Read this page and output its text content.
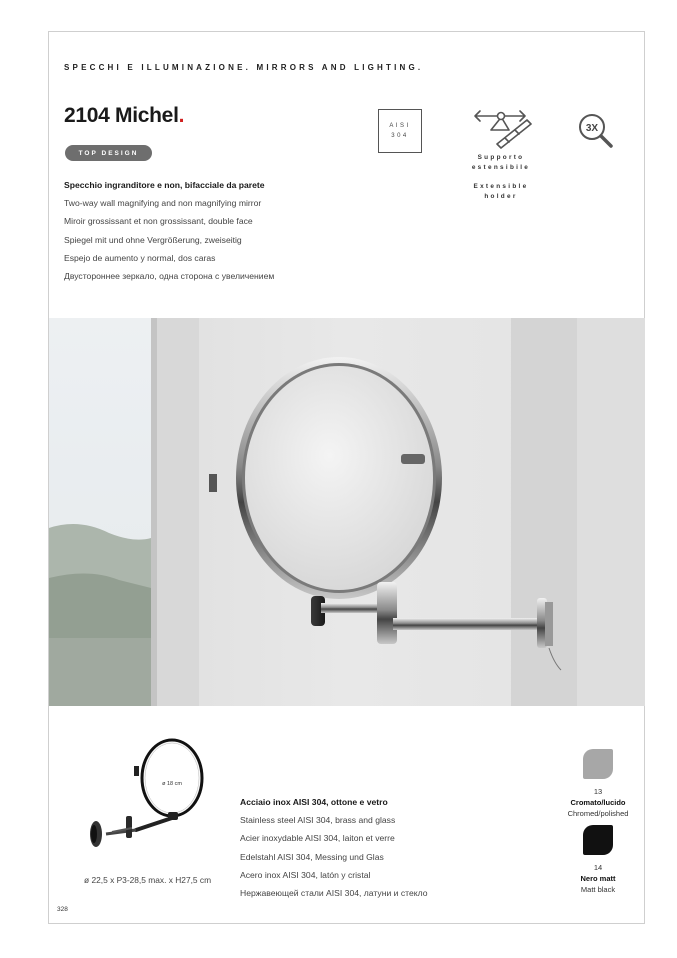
SPECCHI E ILLUMINAZIONE. MIRRORS AND LIGHTING.
2104 Michel.
TOP DESIGN
Specchio ingranditore e non, bifacciale da parete
Two-way wall magnifying and non magnifying mirror
Miroir grossissant et non grossissant, double face
Spiegel mit und ohne Vergrößerung, zweiseitig
Espejo de aumento y normal, dos caras
Двустороннее зеркало, одна сторона с увеличением
AISI
304
Supporto
estensibile
Extensible
holder
3X
ø 18 cm
ø 22,5 x P3-28,5 max. x H27,5 cm
Acciaio inox AISI 304, ottone e vetro
Stainless steel AISI 304, brass and glass
Acier inoxydable AISI 304, laiton et verre
Edelstahl AISI 304, Messing und Glas
Acero inox AISI 304, latón y cristal
Нержавеющей стали AISI 304, латуни и стекло
13
Cromato/lucido
Chromed/polished
14
Nero matt
Matt black
328
